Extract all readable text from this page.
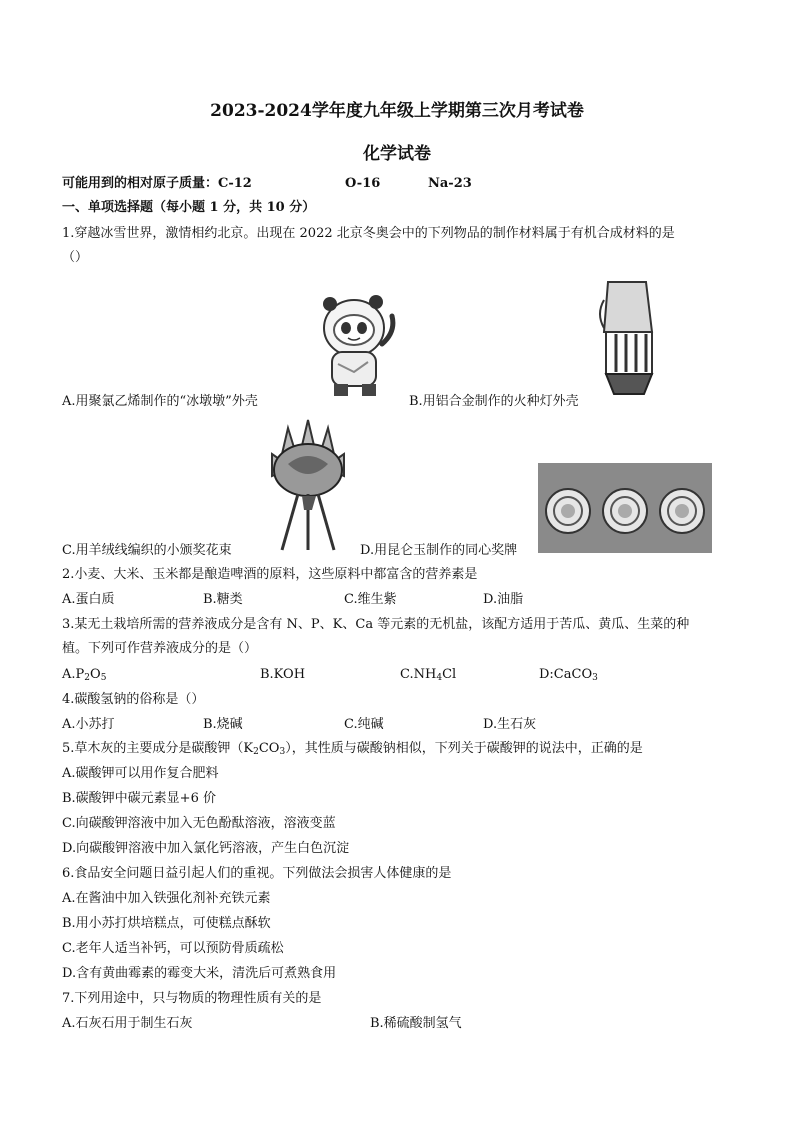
2023-2024学年度九年级上学期第三次月考试卷
化学试卷
可能用到的相对原子质量：C-12	O-16	Na-23
一、单项选择题（每小题 1 分，共 10 分）
1.穿越冰雪世界，激情相约北京。出现在 2022 北京冬奥会中的下列物品的制作材料属于有机合成材料的是
（）
A.用聚氯乙烯制作的“冰墩墩”外壳	B.用铝合金制作的火种灯外壳
C.用羊绒线编织的小颁奖花束	D.用昆仑玉制作的同心奖牌
2.小麦、大米、玉米都是酿造啤酒的原料，这些原料中都富含的营养素是
A.蛋白质	B.糖类	C.维生紫	D.油脂
3.某无土栽培所需的营养液成分是含有 N、P、K、Ca 等元素的无机盐，该配方适用于苦瓜、黄瓜、生菜的种
植。下列可作营养液成分的是（）
$A.P_2O_5$	B.KOH	$C.NH_4Cl$	D:CaCO$_3$
4.碳酸氢钠的俗称是（）
A.小苏打	B.烧碱	C.纯碱	D.生石灰
5.草木灰的主要成分是碳酸钾$(K_2CO_3)$，其性质与碳酸钠相似，下列关于碳酸钾的说法中，正确的是
A.碳酸钾可以用作复合肥料
B.碳酸钾中碳元素显+6 价
C.向碳酸钾溶液中加入无色酚酞溶液，溶液变蓝
D.向碳酸钾溶液中加入氯化钙溶液，产生白色沉淀
6.食品安全问题日益引起人们的重视。下列做法会损害人体健康的是
A.在酱油中加入铁强化剂补充铁元素
B.用小苏打烘培糕点，可使糕点酥软
C.老年人适当补钙，可以预防骨质疏松
D.含有黄曲霉素的霉变大米，清洗后可煮熟食用
7.下列用途中，只与物质的物理性质有关的是
A.石灰石用于制生石灰	B.稀硫酸制氢气
